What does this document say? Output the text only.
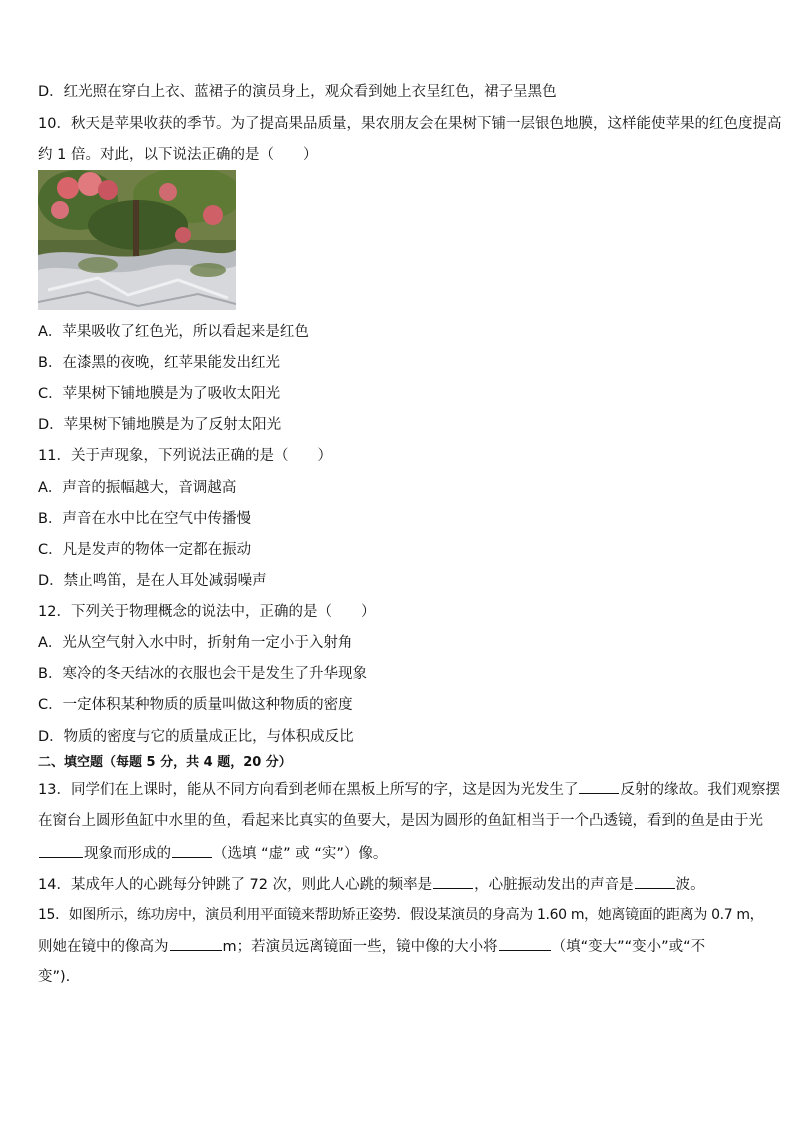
D．红光照在穿白上衣、蓝裙子的演员身上，观众看到她上衣呈红色，裙子呈黑色
10．秋天是苹果收获的季节。为了提高果品质量，果农朋友会在果树下铺一层银色地膜，这样能使苹果的红色度提高
约 1 倍。对此，以下说法正确的是（　　）
A．苹果吸收了红色光，所以看起来是红色
B．在漆黑的夜晚，红苹果能发出红光
C．苹果树下铺地膜是为了吸收太阳光
D．苹果树下铺地膜是为了反射太阳光
11．关于声现象，下列说法正确的是（　　）
A．声音的振幅越大，音调越高
B．声音在水中比在空气中传播慢
C．凡是发声的物体一定都在振动
D．禁止鸣笛，是在人耳处减弱噪声
12．下列关于物理概念的说法中，正确的是（　　）
A．光从空气射入水中时，折射角一定小于入射角
B．寒冷的冬天结冰的衣服也会干是发生了升华现象
C．一定体积某种物质的质量叫做这种物质的密度
D．物质的密度与它的质量成正比，与体积成反比
二、填空题（每题 5 分，共 4 题，20 分）
13．同学们在上课时，能从不同方向看到老师在黑板上所写的字，这是因为光发生了	反射的缘故。我们观察摆
在窗台上圆形鱼缸中水里的鱼，看起来比真实的鱼要大，是因为圆形的鱼缸相当于一个凸透镜，看到的鱼是由于光
现象而形成的	（选填 “虚” 或 “实”）像。
14．某成年人的心跳每分钟跳了 72 次，则此人心跳的频率是	，心脏振动发出的声音是	波。
15．如图所示，练功房中，演员利用平面镜来帮助矫正姿势．假设某演员的身高为 1.60 m，她离镜面的距离为 0.7 m，
则她在镜中的像高为	m；若演员远离镜面一些，镜中像的大小将	（填“变大”“变小”或“不
变”).
